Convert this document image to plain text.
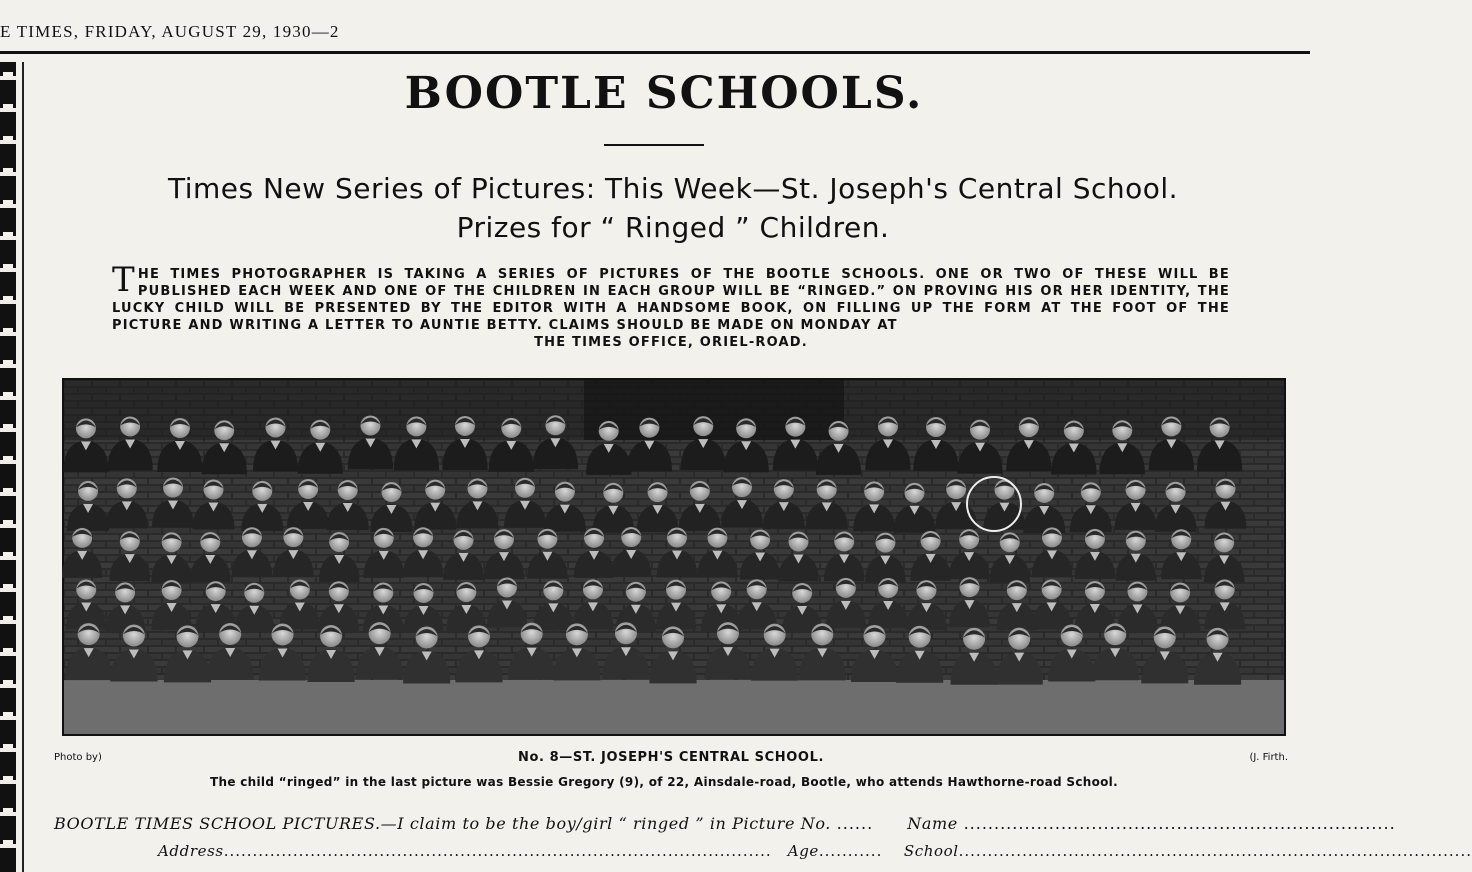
E TIMES, FRIDAY, AUGUST 29, 1930—2
BOOTLE SCHOOLS.
Times New Series of Pictures: This Week—St. Joseph's Central School.
Prizes for “ Ringed ” Children.
THE TIMES PHOTOGRAPHER IS TAKING A SERIES OF PICTURES OF THE BOOTLE SCHOOLS. ONE OR TWO OF THESE WILL BE PUBLISHED EACH WEEK AND ONE OF THE CHILDREN IN EACH GROUP WILL BE “RINGED.” ON PROVING HIS OR HER IDENTITY, THE LUCKY CHILD WILL BE PRESENTED BY THE EDITOR WITH A HANDSOME BOOK, ON FILLING UP THE FORM AT THE FOOT OF THE PICTURE AND WRITING A LETTER TO AUNTIE BETTY. CLAIMS SHOULD BE MADE ON MONDAY AT
THE TIMES OFFICE, ORIEL-ROAD.
Photo by)	No. 8—ST. JOSEPH'S CENTRAL SCHOOL.	(J. Firth.
The child “ringed” in the last picture was Bessie Gregory (9), of 22, Ainsdale-road, Bootle, who attends Hawthorne-road School.
BOOTLE TIMES SCHOOL PICTURES.—I claim to be the boy/girl “ ringed ” in Picture No. ...... Name .......................................................................
Address............................................................................................... Age........... School.........................................................................................
